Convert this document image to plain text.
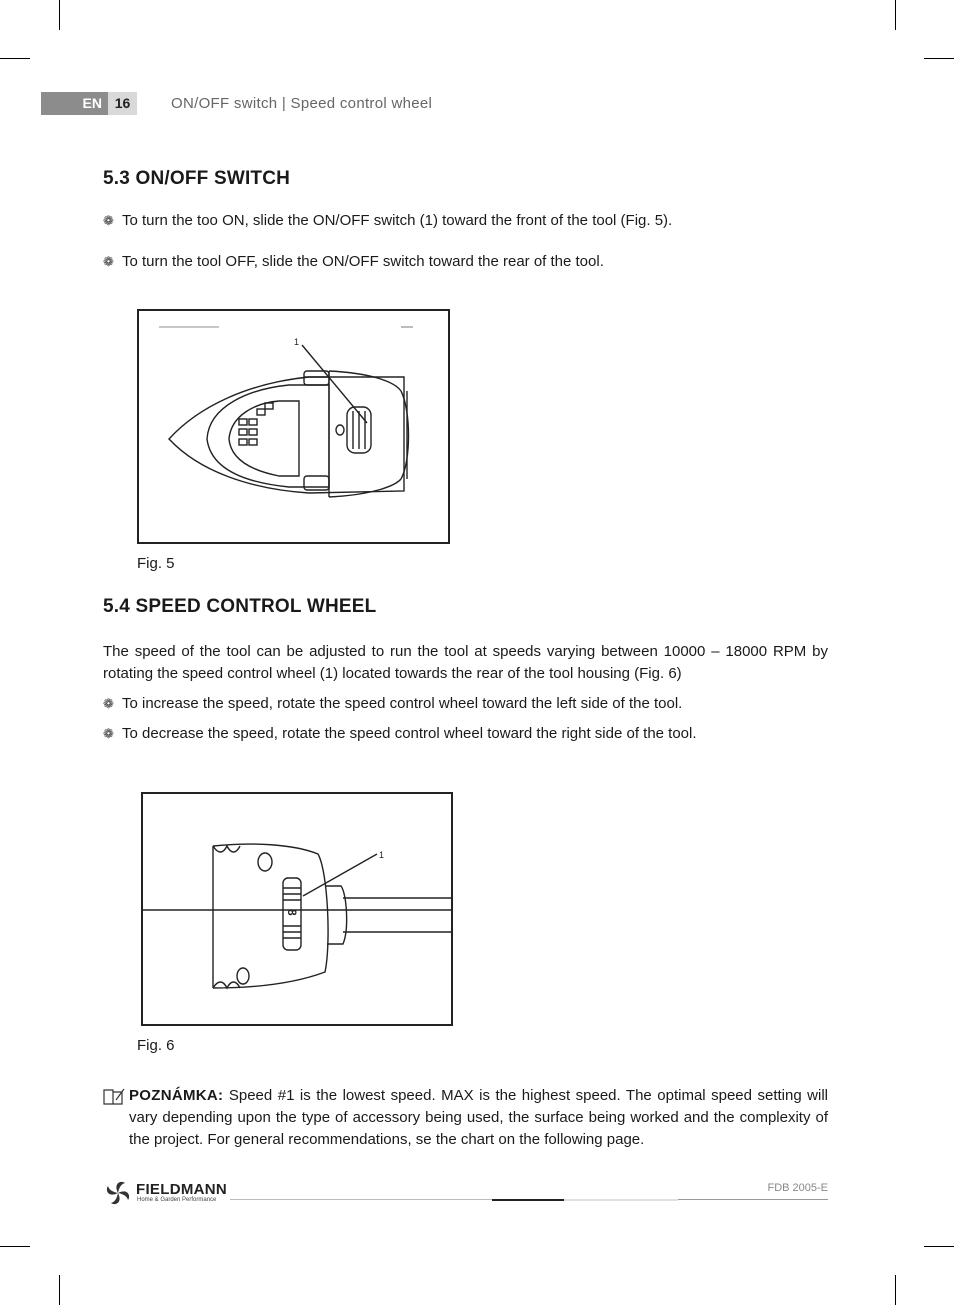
EN 16	ON/OFF switch | Speed control wheel
5.3 ON/OFF SWITCH
❁ To turn the too ON, slide the ON/OFF switch (1) toward the front of the tool (Fig. 5).
❁ To turn the tool OFF, slide the ON/OFF switch toward the rear of the tool.
1
Fig. 5
5.4 SPEED CONTROL WHEEL
The speed of the tool can be adjusted to run the tool at speeds varying between 10000 – 18000 RPM by rotating the speed control wheel (1) located towards the rear of the tool housing (Fig. 6)
❁ To increase the speed, rotate the speed control wheel toward the left side of the tool.
❁ To decrease the speed, rotate the speed control wheel toward the right side of the tool.
1
8
Fig. 6
POZNÁMKA: Speed #1 is the lowest speed. MAX is the highest speed. The optimal speed setting will vary depending upon the type of accessory being used, the surface being worked and the complexity of the project. For general recommendations, se the chart on the following page.
FIELDMANN
Home & Garden Performance
FDB 2005-E
